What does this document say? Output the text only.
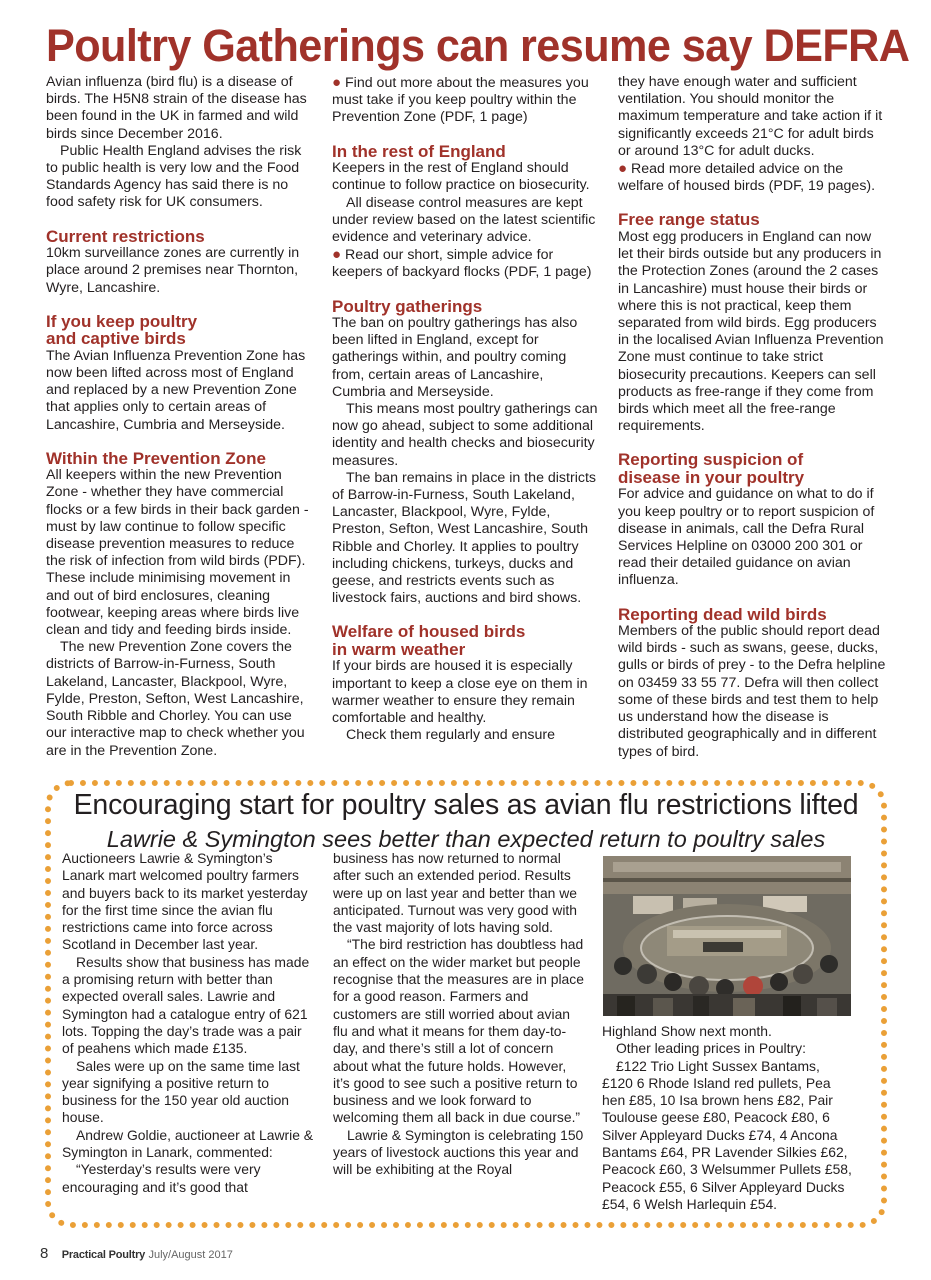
Poultry Gatherings can resume say DEFRA

Avian influenza (bird flu) is a disease of birds. The H5N8 strain of the disease has been found in the UK in farmed and wild birds since December 2016.

Public Health England advises the risk to public health is very low and the Food Standards Agency has said there is no food safety risk for UK consumers.

Current restrictions

10km surveillance zones are currently in place around 2 premises near Thornton, Wyre, Lancashire.

If you keep poultry
and captive birds

The Avian Influenza Prevention Zone has now been lifted across most of England and replaced by a new Prevention Zone that applies only to certain areas of Lancashire, Cumbria and Merseyside.

Within the Prevention Zone

All keepers within the new Prevention Zone - whether they have commercial flocks or a few birds in their back garden - must by law continue to follow specific disease prevention measures to reduce the risk of infection from wild birds (PDF). These include minimising movement in and out of bird enclosures, cleaning footwear, keeping areas where birds live clean and tidy and feeding birds inside.

The new Prevention Zone covers the districts of Barrow-in-Furness, South Lakeland, Lancaster, Blackpool, Wyre, Fylde, Preston, Sefton, West Lancashire, South Ribble and Chorley. You can use our interactive map to check whether you are in the Prevention Zone.

● Find out more about the measures you must take if you keep poultry within the Prevention Zone (PDF, 1 page)

In the rest of England

Keepers in the rest of England should continue to follow practice on biosecurity.

All disease control measures are kept under review based on the latest scientific evidence and veterinary advice.

● Read our short, simple advice for keepers of backyard flocks (PDF, 1 page)

Poultry gatherings

The ban on poultry gatherings has also been lifted in England, except for gatherings within, and poultry coming from, certain areas of Lancashire, Cumbria and Merseyside.

This means most poultry gatherings can now go ahead, subject to some additional identity and health checks and biosecurity measures.

The ban remains in place in the districts of Barrow-in-Furness, South Lakeland, Lancaster, Blackpool, Wyre, Fylde, Preston, Sefton, West Lancashire, South Ribble and Chorley. It applies to poultry including chickens, turkeys, ducks and geese, and restricts events such as livestock fairs, auctions and bird shows.

Welfare of housed birds
in warm weather

If your birds are housed it is especially important to keep a close eye on them in warmer weather to ensure they remain comfortable and healthy.

Check them regularly and ensure

they have enough water and sufficient ventilation. You should monitor the maximum temperature and take action if it significantly exceeds 21°C for adult birds or around 13°C for adult ducks.

● Read more detailed advice on the welfare of housed birds (PDF, 19 pages).

Free range status

Most egg producers in England can now let their birds outside but any producers in the Protection Zones (around the 2 cases in Lancashire) must house their birds or where this is not practical, keep them separated from wild birds. Egg producers in the localised Avian Influenza Prevention Zone must continue to take strict biosecurity precautions. Keepers can sell products as free-range if they come from birds which meet all the free-range requirements.

Reporting suspicion of
disease in your poultry

For advice and guidance on what to do if you keep poultry or to report suspicion of disease in animals, call the Defra Rural Services Helpline on 03000 200 301 or read their detailed guidance on avian influenza.

Reporting dead wild birds

Members of the public should report dead wild birds - such as swans, geese, ducks, gulls or birds of prey - to the Defra helpline on 03459 33 55 77. Defra will then collect some of these birds and test them to help us understand how the disease is distributed geographically and in different types of bird.

Encouraging start for poultry sales as avian flu restrictions lifted
Lawrie & Symington sees better than expected return to poultry sales

Auctioneers Lawrie & Symington’s Lanark mart welcomed poultry farmers and buyers back to its market yesterday for the first time since the avian flu restrictions came into force across Scotland in December last year.

Results show that business has made a promising return with better than expected overall sales. Lawrie and Symington had a catalogue entry of 621 lots. Topping the day’s trade was a pair of peahens which made £135.

Sales were up on the same time last year signifying a positive return to business for the 150 year old auction house.

Andrew Goldie, auctioneer at Lawrie & Symington in Lanark, commented:

“Yesterday’s results were very encouraging and it’s good that

business has now returned to normal after such an extended period. Results were up on last year and better than we anticipated. Turnout was very good with the vast majority of lots having sold.

“The bird restriction has doubtless had an effect on the wider market but people recognise that the measures are in place for a good reason. Farmers and customers are still worried about avian flu and what it means for them day-to-day, and there’s still a lot of concern about what the future holds. However, it’s good to see such a positive return to business and we look forward to welcoming them all back in due course.”

Lawrie & Symington is celebrating 150 years of livestock auctions this year and will be exhibiting at the Royal

Highland Show next month.

Other leading prices in Poultry:

£122 Trio Light Sussex Bantams, £120 6 Rhode Island red pullets, Pea hen £85, 10 Isa brown hens £82, Pair Toulouse geese £80, Peacock £80, 6 Silver Appleyard Ducks £74, 4 Ancona Bantams £64, PR Lavender Silkies £62, Peacock £60, 3 Welsummer Pullets £58, Peacock £55, 6 Silver Appleyard Ducks £54, 6 Welsh Harlequin £54.

8 Practical Poultry July/August 2017
